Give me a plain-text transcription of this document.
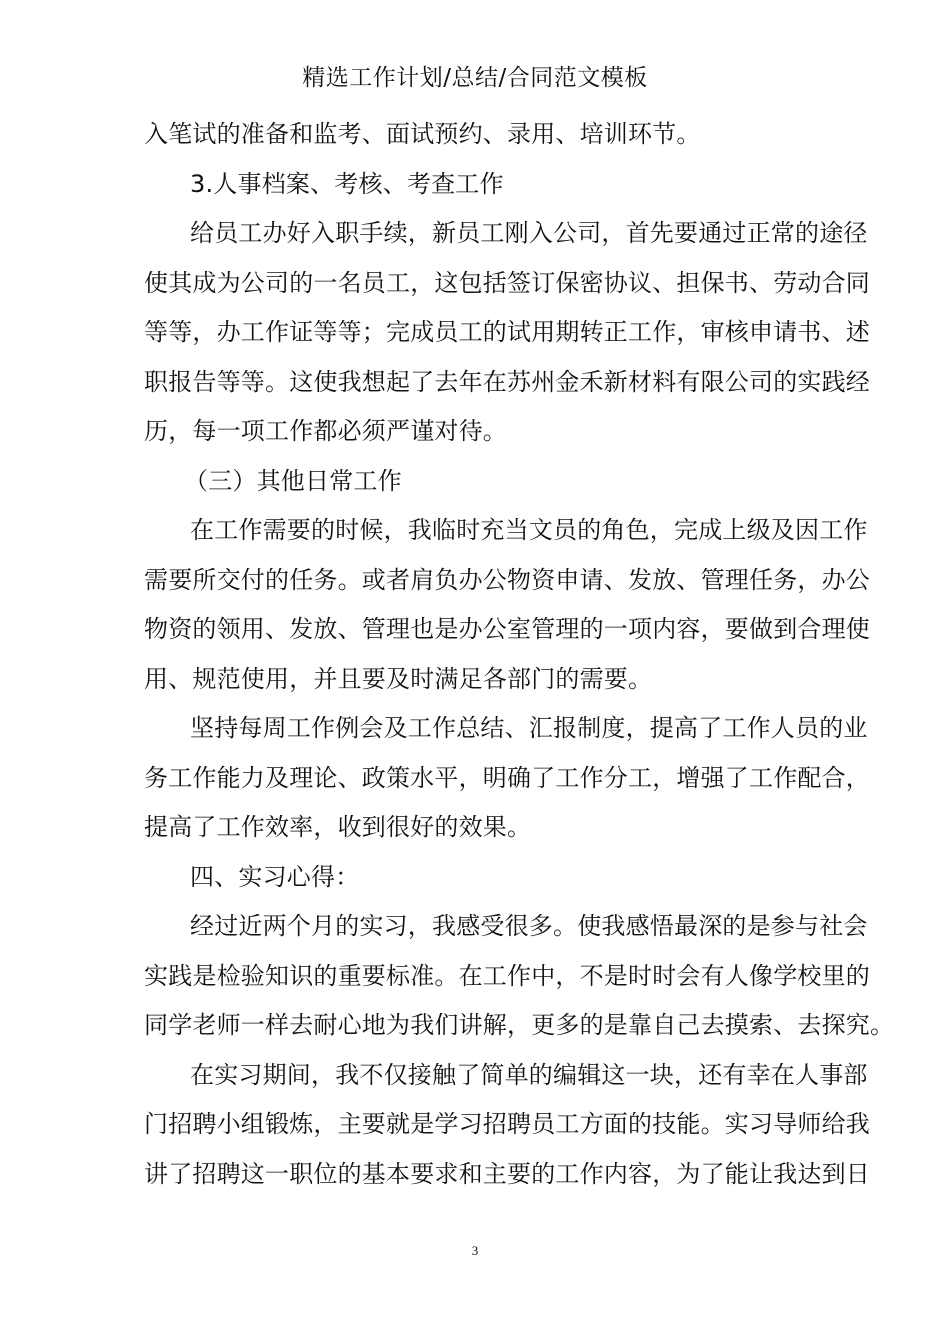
精选工作计划/总结/合同范文模板
入笔试的准备和监考、面试预约、录用、培训环节。
3.人事档案、考核、考查工作
给员工办好入职手续，新员工刚入公司，首先要通过正常的途径
使其成为公司的一名员工，这包括签订保密协议、担保书、劳动合同
等等，办工作证等等；完成员工的试用期转正工作，审核申请书、述
职报告等等。这使我想起了去年在苏州金禾新材料有限公司的实践经
历，每一项工作都必须严谨对待。
（三）其他日常工作
在工作需要的时候，我临时充当文员的角色，完成上级及因工作
需要所交付的任务。或者肩负办公物资申请、发放、管理任务，办公
物资的领用、发放、管理也是办公室管理的一项内容，要做到合理使
用、规范使用，并且要及时满足各部门的需要。
坚持每周工作例会及工作总结、汇报制度，提高了工作人员的业
务工作能力及理论、政策水平，明确了工作分工，增强了工作配合，
提高了工作效率，收到很好的效果。
四、实习心得：
经过近两个月的实习，我感受很多。使我感悟最深的是参与社会
实践是检验知识的重要标准。在工作中，不是时时会有人像学校里的
同学老师一样去耐心地为我们讲解，更多的是靠自己去摸索、去探究。
在实习期间，我不仅接触了简单的编辑这一块，还有幸在人事部
门招聘小组锻炼，主要就是学习招聘员工方面的技能。实习导师给我
讲了招聘这一职位的基本要求和主要的工作内容，为了能让我达到日
3
